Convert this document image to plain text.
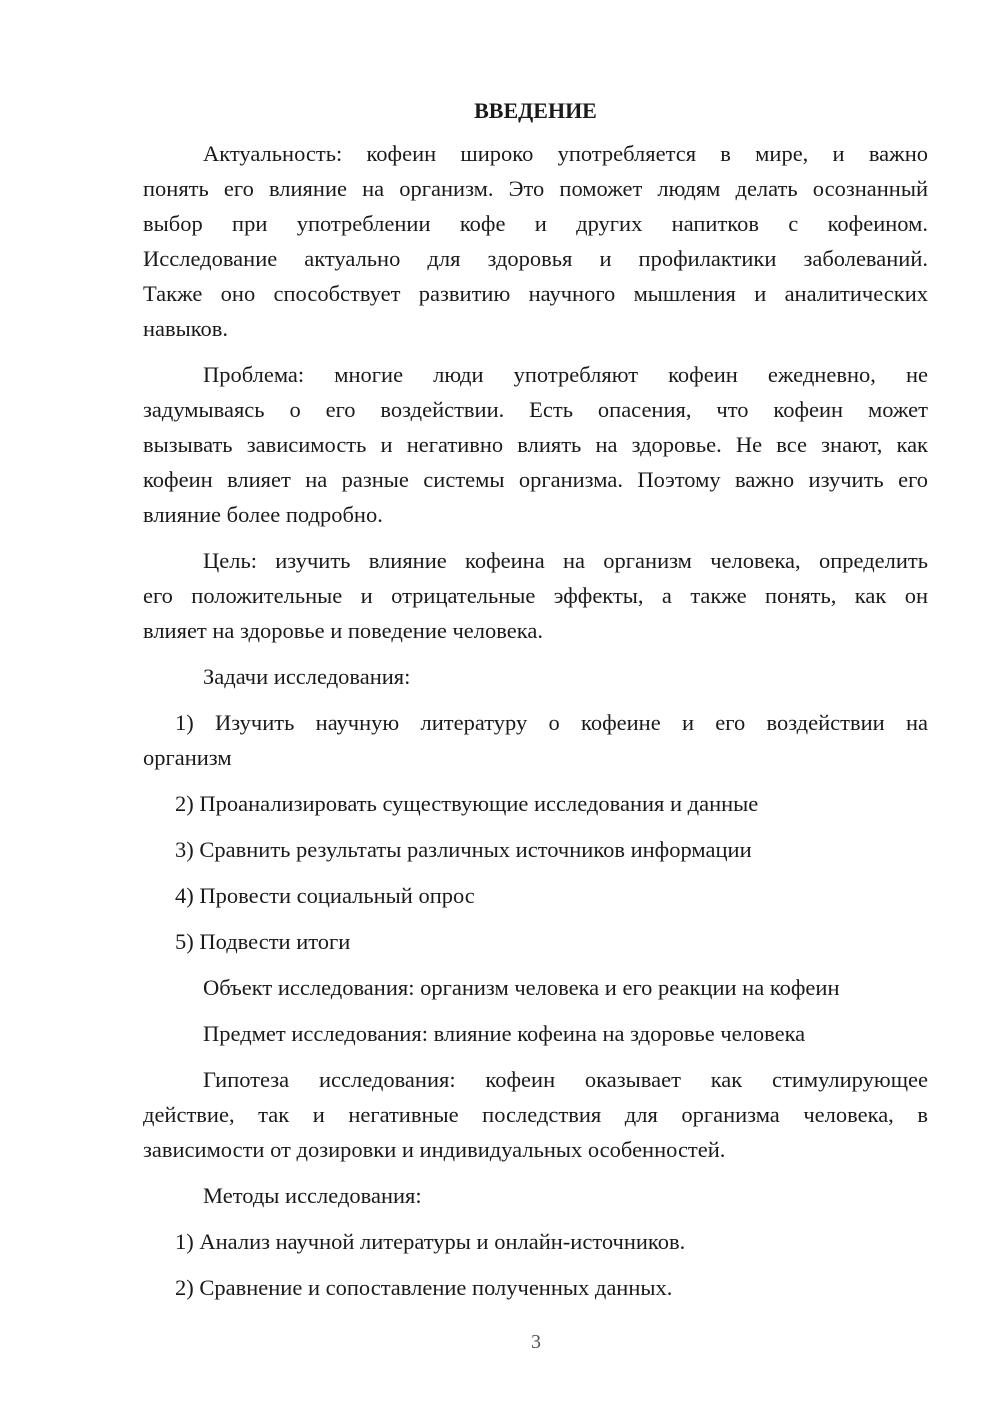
ВВЕДЕНИЕ
Актуальность: кофеин широко употребляется в мире, и важно
понять его влияние на организм. Это поможет людям делать осознанный
выбор при употреблении кофе и других напитков с кофеином.
Исследование актуально для здоровья и профилактики заболеваний.
Также оно способствует развитию научного мышления и аналитических
навыков.
Проблема: многие люди употребляют кофеин ежедневно, не
задумываясь о его воздействии. Есть опасения, что кофеин может
вызывать зависимость и негативно влиять на здоровье. Не все знают, как
кофеин влияет на разные системы организма. Поэтому важно изучить его
влияние более подробно.
Цель: изучить влияние кофеина на организм человека, определить
его положительные и отрицательные эффекты, а также понять, как он
влияет на здоровье и поведение человека.
Задачи исследования:
1) Изучить научную литературу о кофеине и его воздействии на
организм
2) Проанализировать существующие исследования и данные
3) Сравнить результаты различных источников информации
4) Провести социальный опрос
5) Подвести итоги
Объект исследования: организм человека и его реакции на кофеин
Предмет исследования: влияние кофеина на здоровье человека
Гипотеза исследования: кофеин оказывает как стимулирующее
действие, так и негативные последствия для организма человека, в
зависимости от дозировки и индивидуальных особенностей.
Методы исследования:
1) Анализ научной литературы и онлайн-источников.
2) Сравнение и сопоставление полученных данных.
3
